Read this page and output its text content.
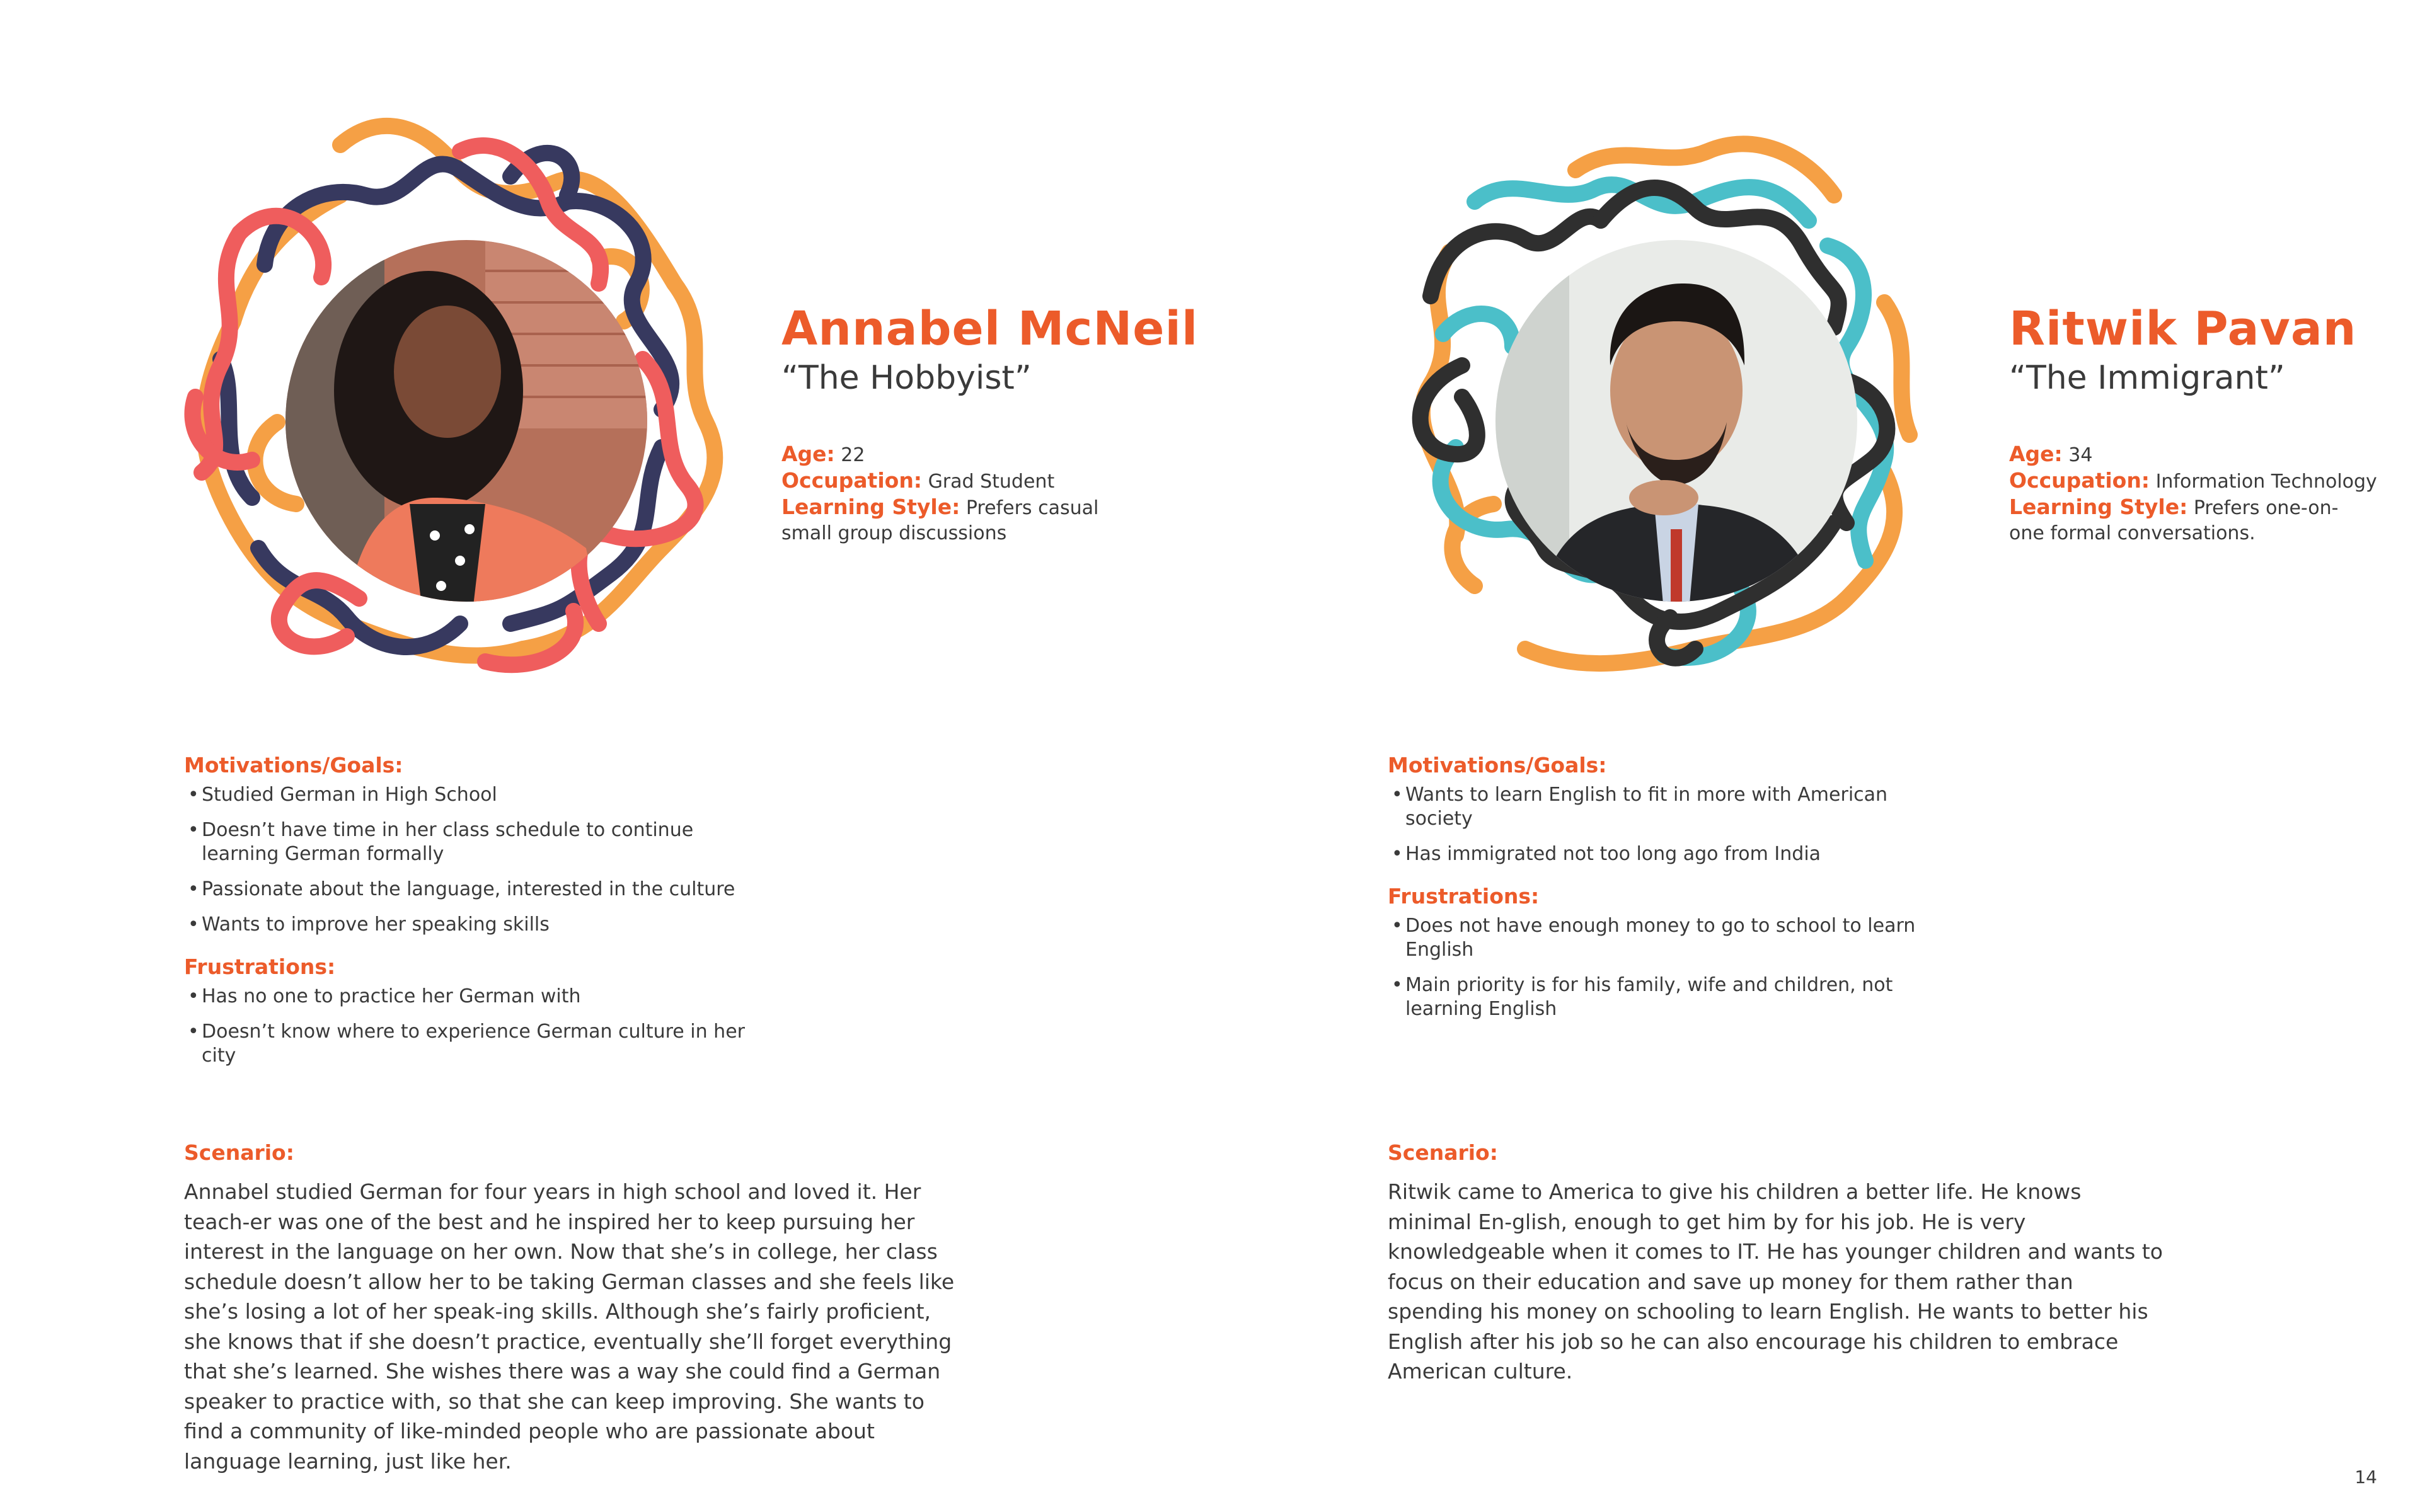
Annabel McNeil
“The Hobbyist”
Age: 22
Occupation: Grad Student
Learning Style: Prefers casual small group discussions
Motivations/Goals:
• Studied German in High School
• Doesn’t have time in her class schedule to continue learning German formally
• Passionate about the language, interested in the culture
• Wants to improve her speaking skills
Frustrations:
• Has no one to practice her German with
• Doesn’t know where to experience German culture in her city
Scenario:

Annabel studied German for four years in high school and loved it. Her teach-er was one of the best and he inspired her to keep pursuing her interest in the language on her own. Now that she’s in college, her class schedule doesn’t allow her to be taking German classes and she feels like she’s losing a lot of her speak-ing skills. Although she’s fairly proficient, she knows that if she doesn’t practice, eventually she’ll forget everything that she’s learned. She wishes there was a way she could find a German speaker to practice with, so that she can keep improving. She wants to find a community of like-minded people who are passionate about language learning, just like her.

Ritwik Pavan
“The Immigrant”
Age: 34
Occupation: Information Technology
Learning Style: Prefers one-on-one formal conversations.
Motivations/Goals:
• Wants to learn English to fit in more with American society
• Has immigrated not too long ago from India
Frustrations:
• Does not have enough money to go to school to learn English
• Main priority is for his family, wife and children, not learning English
Scenario:

Ritwik came to America to give his children a better life. He knows minimal En-glish, enough to get him by for his job. He is very knowledgeable when it comes to IT. He has younger children and wants to focus on their education and save up money for them rather than spending his money on schooling to learn English. He wants to better his English after his job so he can also encourage his children to embrace American culture.

14
